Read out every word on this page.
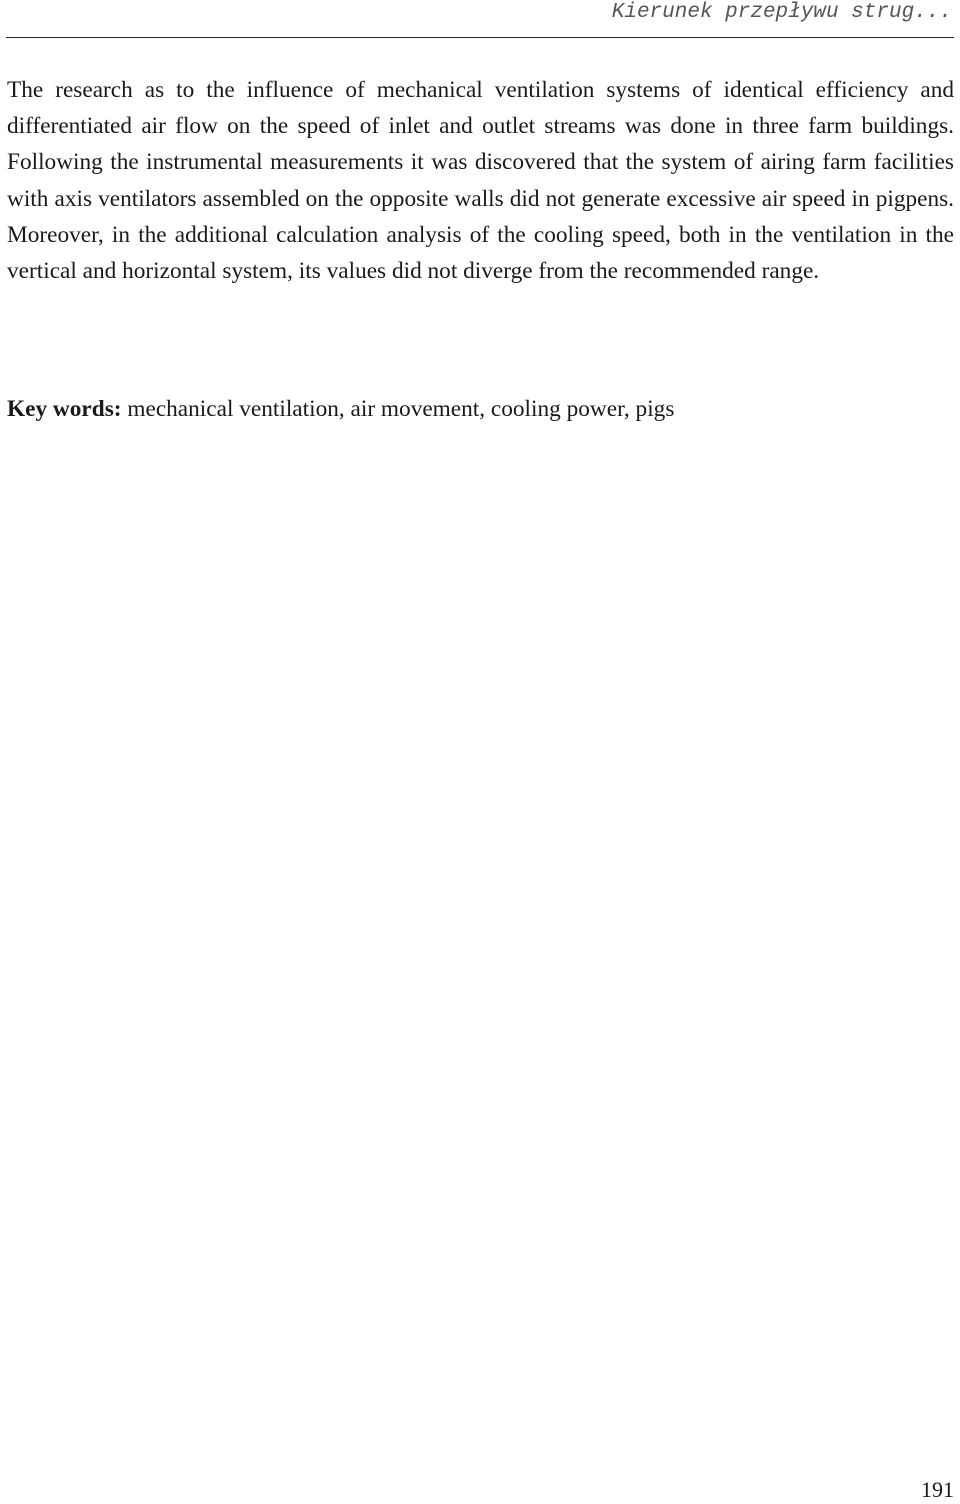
Kierunek przepływu strug...

The research as to the influence of mechanical ventilation systems of identical efficiency and differentiated air flow on the speed of inlet and outlet streams was done in three farm buildings. Following the instrumental measurements it was discovered that the system of airing farm facilities with axis ventilators assembled on the opposite walls did not generate excessive air speed in pigpens. Moreover, in the additional calculation analysis of the cooling speed, both in the ventilation in the vertical and horizontal system, its values did not diverge from the recommended range.

Key words: mechanical ventilation, air movement, cooling power, pigs

191
